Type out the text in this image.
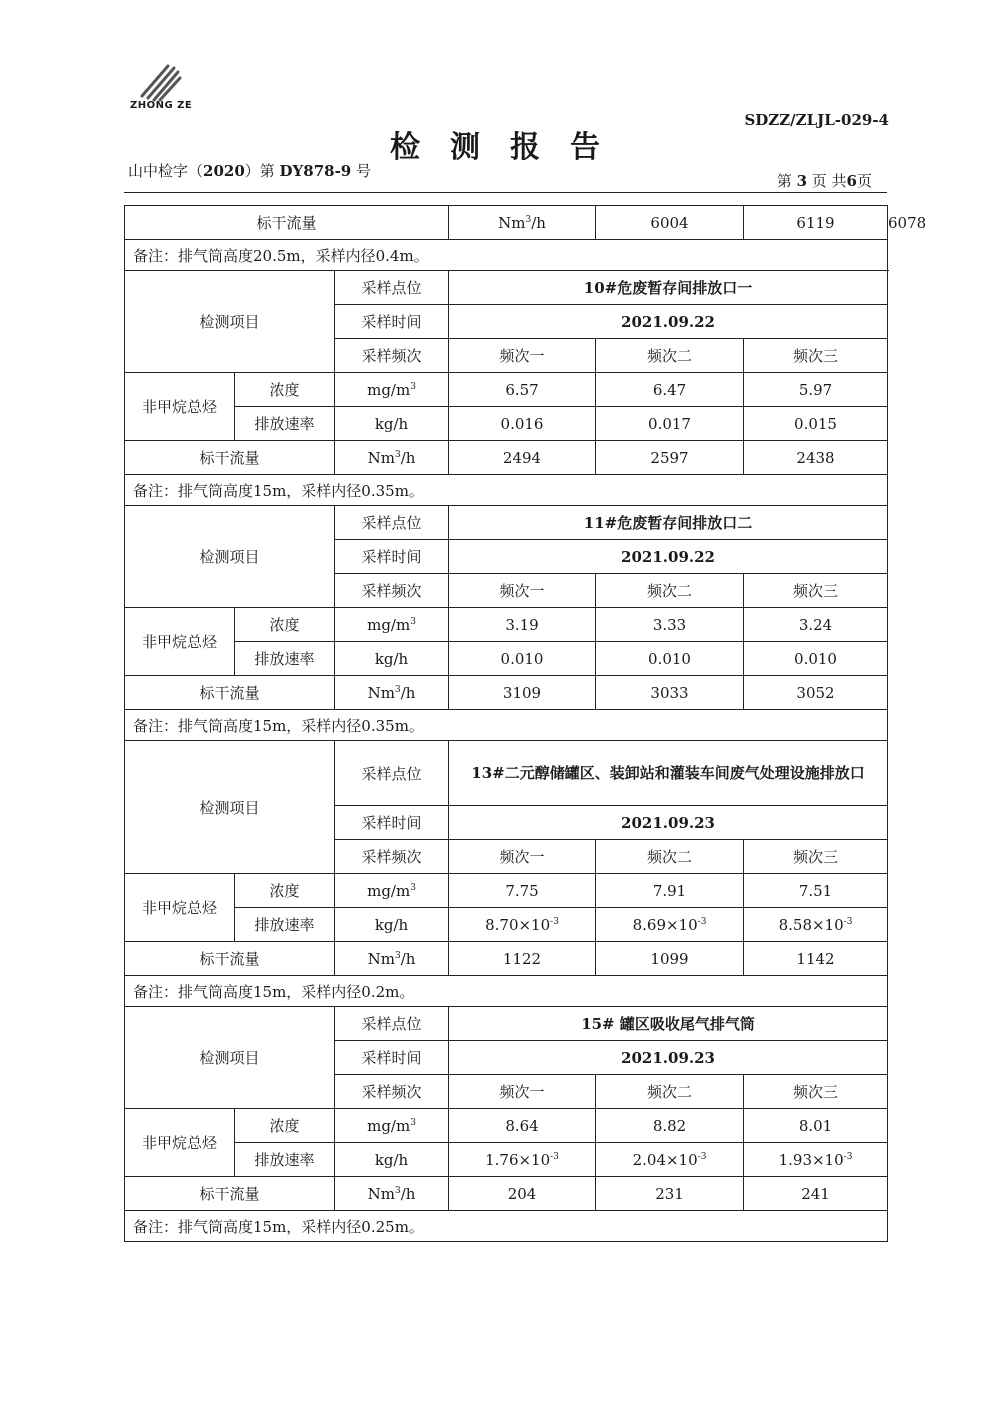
ZHONG ZE
SDZZ/ZLJL-029-4
检测报告
山中检字（2020）第 DY878-9 号
第 3 页 共6页
标干流量	Nm$^3$/h	6004	6119	6078
备注：排气筒高度20.5m，采样内径0.4m。
检测项目		采样点位	10#危废暂存间排放口一		
		采样时间	2021.09.22		
		采样频次	频次一	频次二	频次三
非甲烷总烃	浓度	$mg/m^3$	6.57	6.47	5.97
	排放速率	kg/h	0.016	0.017	0.015
标干流量		Nm$^3$/h	2494	2597	2438
备注：排气筒高度15m，采样内径0.35m。					
检测项目		采样点位	11#危废暂存间排放口二		
		采样时间	2021.09.22		
		采样频次	频次一	频次二	频次三
非甲烷总烃	浓度	$mg/m^3$	3.19	3.33	3.24
	排放速率	kg/h	0.010	0.010	0.010
标干流量		Nm$^3$/h	3109	3033	3052
备注：排气筒高度15m，采样内径0.35m。					
检测项目		采样点位	13#二元醇储罐区、装卸站和灌装车间废气处理设施排放口		
		采样时间	2021.09.23		
		采样频次	频次一	频次二	频次三
非甲烷总烃	浓度	$mg/m^3$	7.75	7.91	7.51
	排放速率	kg/h	$8.70\times 10^{-3}$	$8.69\times 10^{-3}$	$8.58\times 10^{-3}$
标干流量		Nm$^3$/h	1122	1099	1142
备注：排气筒高度15m，采样内径0.2m。					
检测项目		采样点位	15# 罐区吸收尾气排气筒		
		采样时间	2021.09.23		
		采样频次	频次一	频次二	频次三
非甲烷总烃	浓度	$mg/m^3$	8.64	8.82	8.01
	排放速率	kg/h	$1.76\times 10^{-3}$	$2.04\times 10^{-3}$	$1.93\times 10^{-3}$
标干流量		Nm$^3$/h	204	231	241
备注：排气筒高度15m，采样内径0.25m。					
